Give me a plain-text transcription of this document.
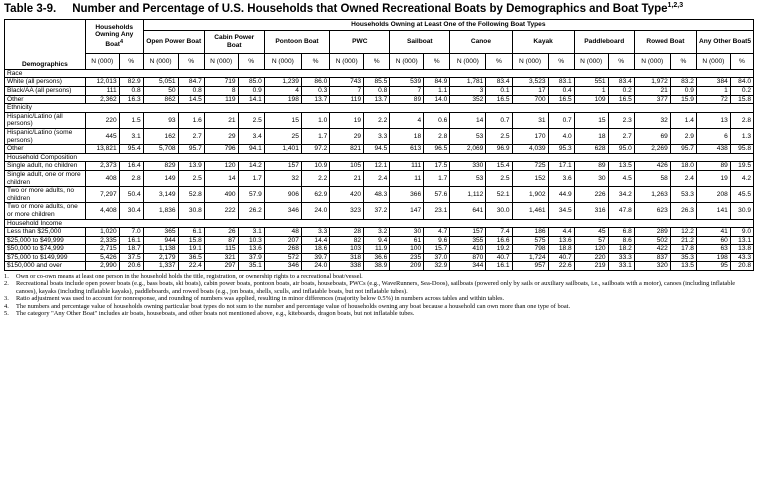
Table 3-9. Number and Percentage of U.S. Households that Owned Recreational Boats by Demographics and Boat Type$^{1,2,3}$
Demographics	Households Owning Any Boat$^4$		Households Owning at Least One of the Following Boat Types																			
			Open Power Boat		Cabin Power Boat		Pontoon Boat		PWC		Sailboat		Canoe		Kayak		Paddleboard		Rowed Boat		Any Other Boat5	
	N (000)	%	N (000)	%	N (000)	%	N (000)	%	N (000)	%	N (000)	%	N (000)	%	N (000)	%	N (000)	%	N (000)	%	N (000)	%
Race																						
White (all persons)	12,013	82.9	5,051	84.7	719	85.0	1,239	86.0	743	85.5	539	84.9	1,781	83.4	3,523	83.1	551	83.4	1,972	83.2	384	84.0
Black/AA (all persons)	111	0.8	50	0.8	8	0.9	4	0.3	7	0.8	7	1.1	3	0.1	17	0.4	1	0.2	21	0.9	1	0.2
Other	2,362	16.3	862	14.5	119	14.1	198	13.7	119	13.7	89	14.0	352	16.5	700	16.5	109	16.5	377	15.9	72	15.8
Ethnicity																						
Hispanic/Latino (all persons)	220	1.5	93	1.6	21	2.5	15	1.0	19	2.2	4	0.6	14	0.7	31	0.7	15	2.3	32	1.4	13	2.8
Hispanic/Latino (some persons)	445	3.1	162	2.7	29	3.4	25	1.7	29	3.3	18	2.8	53	2.5	170	4.0	18	2.7	69	2.9	6	1.3
Other	13,821	95.4	5,708	95.7	796	94.1	1,401	97.2	821	94.5	613	96.5	2,069	96.9	4,039	95.3	628	95.0	2,269	95.7	438	95.8
Household Composition																						
Single adult, no children	2,373	16.4	829	13.9	120	14.2	157	10.9	105	12.1	111	17.5	330	15.4	725	17.1	89	13.5	426	18.0	89	19.5
Single adult, one or more children	408	2.8	149	2.5	14	1.7	32	2.2	21	2.4	11	1.7	53	2.5	152	3.6	30	4.5	58	2.4	19	4.2
Two or more adults, no children	7,297	50.4	3,149	52.8	490	57.9	906	62.9	420	48.3	366	57.6	1,112	52.1	1,902	44.9	226	34.2	1,263	53.3	208	45.5
Two or more adults, one or more children	4,408	30.4	1,836	30.8	222	26.2	346	24.0	323	37.2	147	23.1	641	30.0	1,461	34.5	316	47.8	623	26.3	141	30.9
Household Income																						
Less than $25,000	1,020	7.0	365	6.1	26	3.1	48	3.3	28	3.2	30	4.7	157	7.4	186	4.4	45	6.8	289	12.2	41	9.0
$25,000 to $49,999	2,335	16.1	944	15.8	87	10.3	207	14.4	82	9.4	61	9.6	355	16.6	575	13.6	57	8.6	502	21.2	60	13.1
$50,000 to $74,999	2,715	18.7	1,138	19.1	115	13.6	268	18.6	103	11.9	100	15.7	410	19.2	798	18.8	120	18.2	422	17.8	63	13.8
$75,000 to $149,999	5,426	37.5	2,179	36.5	321	37.9	572	39.7	318	36.6	235	37.0	870	40.7	1,724	40.7	220	33.3	837	35.3	198	43.3
$150,000 and over	2,990	20.6	1,337	22.4	297	35.1	346	24.0	338	38.9	209	32.9	344	16.1	957	22.6	219	33.1	320	13.5	95	20.8
1.	Own or co-own means at least one person in the household holds the title, registration, or ownership rights to a recreational boat/vessel.
2.	Recreational boats include open power boats (e.g., bass boats, ski boats), cabin power boats, pontoon boats, air boats, houseboats, PWCs (e.g., WaveRunners, Sea-Doos), sailboats (powered only by sails or auxiliary sailboats, i.e., sailboats with a motor), canoes (including inflatable canoes), kayaks (including inflatable kayaks), paddleboards, and rowed boats (e.g., jon boats, shells, sculls, and inflatable boats, but not inflatable tubes).
3.	Ratio adjustment was used to account for nonresponse, and rounding of numbers was applied, resulting in minor differences (majority below 0.5%) in numbers across tables and within tables.
4.	The numbers and percentage value of households owning particular boat types do not sum to the number and percentage value of households owning any boat because a household can own more than one type of boat.
5.	The category "Any Other Boat" includes air boats, houseboats, and other boats not mentioned above, e.g., kiteboards, dragon boats, but not inflatable tubes.
